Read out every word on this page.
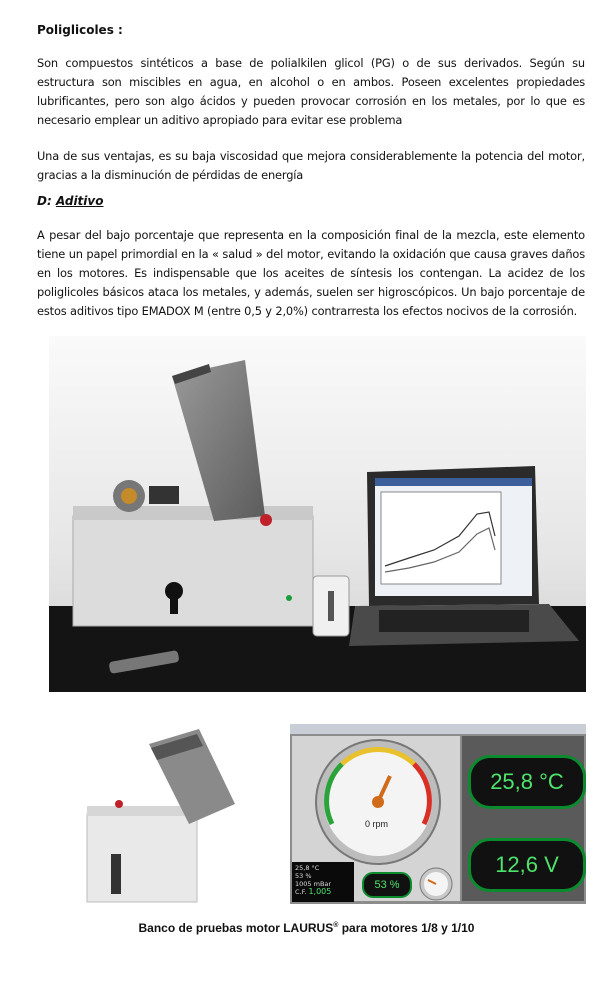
Poliglicoles :
Son compuestos sintéticos a base de polialkilen glicol (PG) o de sus derivados. Según su estructura son miscibles en agua, en alcohol o en ambos. Poseen excelentes propiedades lubrificantes, pero son algo ácidos y pueden provocar corrosión en los metales, por lo que es necesario emplear un aditivo apropiado para evitar ese problema
Una de sus ventajas, es su baja viscosidad que mejora considerablemente la potencia del motor, gracias a la disminución de pérdidas de energía
D: Aditivo
A pesar del bajo porcentaje que representa en la composición final de la mezcla, este elemento tiene un papel primordial en la « salud » del motor, evitando la oxidación que causa graves daños en los motores. Es indispensable que los aceites de síntesis los contengan. La acidez de los poliglicoles básicos ataca los metales, y además, suelen ser higroscópicos. Un bajo porcentaje de estos aditivos tipo EMADOX M (entre 0,5 y 2,0%) contrarresta los efectos nocivos de la corrosión.
0 rpm
25,8 °C
12,6 V
25,8 °C
53 %
1005 mBar
C.F. 1,005
53 %
Banco de pruebas motor LAURUS® para motores 1/8 y 1/10
